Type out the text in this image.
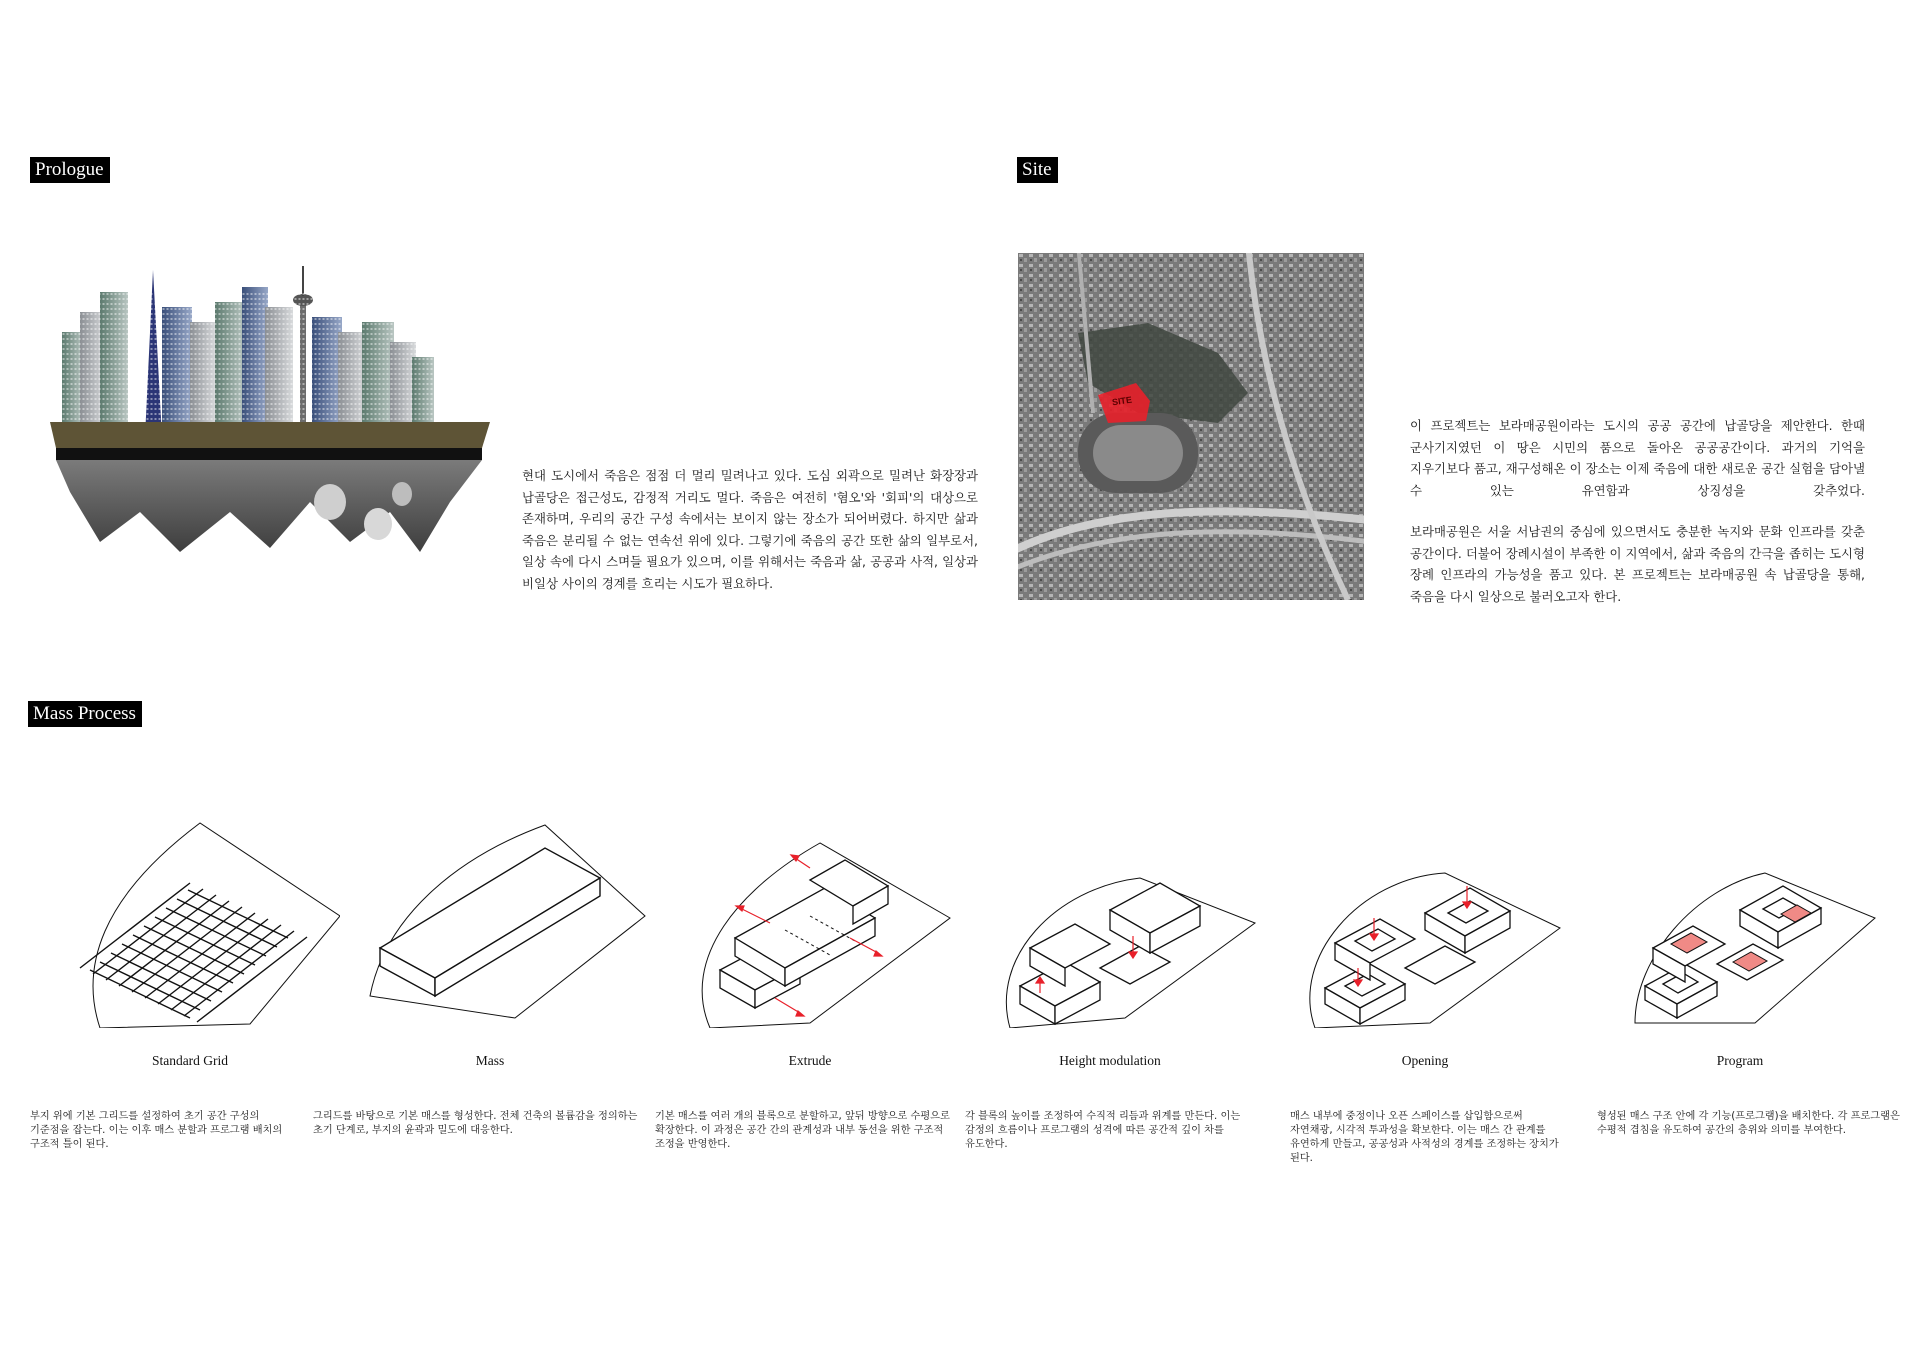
Prologue	Site
Mass Process
현대 도시에서 죽음은 점점 더 멀리 밀려나고 있다. 도심 외곽으로 밀려난 화장장과 납골당은 접근성도, 감정적 거리도 멀다. 죽음은 여전히 '혐오'와 '회피'의 대상으로 존재하며, 우리의 공간 구성 속에서는 보이지 않는 장소가 되어버렸다. 하지만 삶과 죽음은 분리될 수 없는 연속선 위에 있다. 그렇기에 죽음의 공간 또한 삶의 일부로서, 일상 속에 다시 스며들 필요가 있으며, 이를 위해서는 죽음과 삶, 공공과 사적, 일상과 비일상 사이의 경계를 흐리는 시도가 필요하다.
SITE
이 프로젝트는 보라매공원이라는 도시의 공공 공간에 납골당을 제안한다. 한때 군사기지였던 이 땅은 시민의 품으로 돌아온 공공공간이다. 과거의 기억을 지우기보다 품고, 재구성해온 이 장소는 이제 죽음에 대한 새로운 공간 실험을 담아낼 수 있는 유연함과 상징성을 갖추었다.
보라매공원은 서울 서남권의 중심에 있으면서도 충분한 녹지와 문화 인프라를 갖춘 공간이다. 더불어 장례시설이 부족한 이 지역에서, 삶과 죽음의 간극을 좁히는 도시형 장례 인프라의 가능성을 품고 있다. 본 프로젝트는 보라매공원 속 납골당을 통해, 죽음을 다시 일상으로 불러오고자 한다.
Standard Grid	Mass	Extrude	Height modulation	Opening	Program
부지 위에 기본 그리드를 설정하여 초기 공간 구성의 기준점을 잡는다. 이는 이후 매스 분할과 프로그램 배치의 구조적 틀이 된다.
그리드를 바탕으로 기본 매스를 형성한다. 전체 건축의 볼륨감을 정의하는 초기 단계로, 부지의 윤곽과 밀도에 대응한다.
기본 매스를 여러 개의 블록으로 분할하고, 앞뒤 방향으로 수평으로 확장한다. 이 과정은 공간 간의 관계성과 내부 동선을 위한 구조적 조정을 반영한다.
각 블록의 높이를 조정하여 수직적 리듬과 위계를 만든다. 이는 감정의 흐름이나 프로그램의 성격에 따른 공간적 깊이 차를 유도한다.
매스 내부에 중정이나 오픈 스페이스를 삽입함으로써 자연채광, 시각적 투과성을 확보한다. 이는 매스 간 관계를 유연하게 만들고, 공공성과 사적성의 경계를 조정하는 장치가 된다.
형성된 매스 구조 안에 각 기능(프로그램)을 배치한다. 각 프로그램은 수평적 겹침을 유도하여 공간의 층위와 의미를 부여한다.
